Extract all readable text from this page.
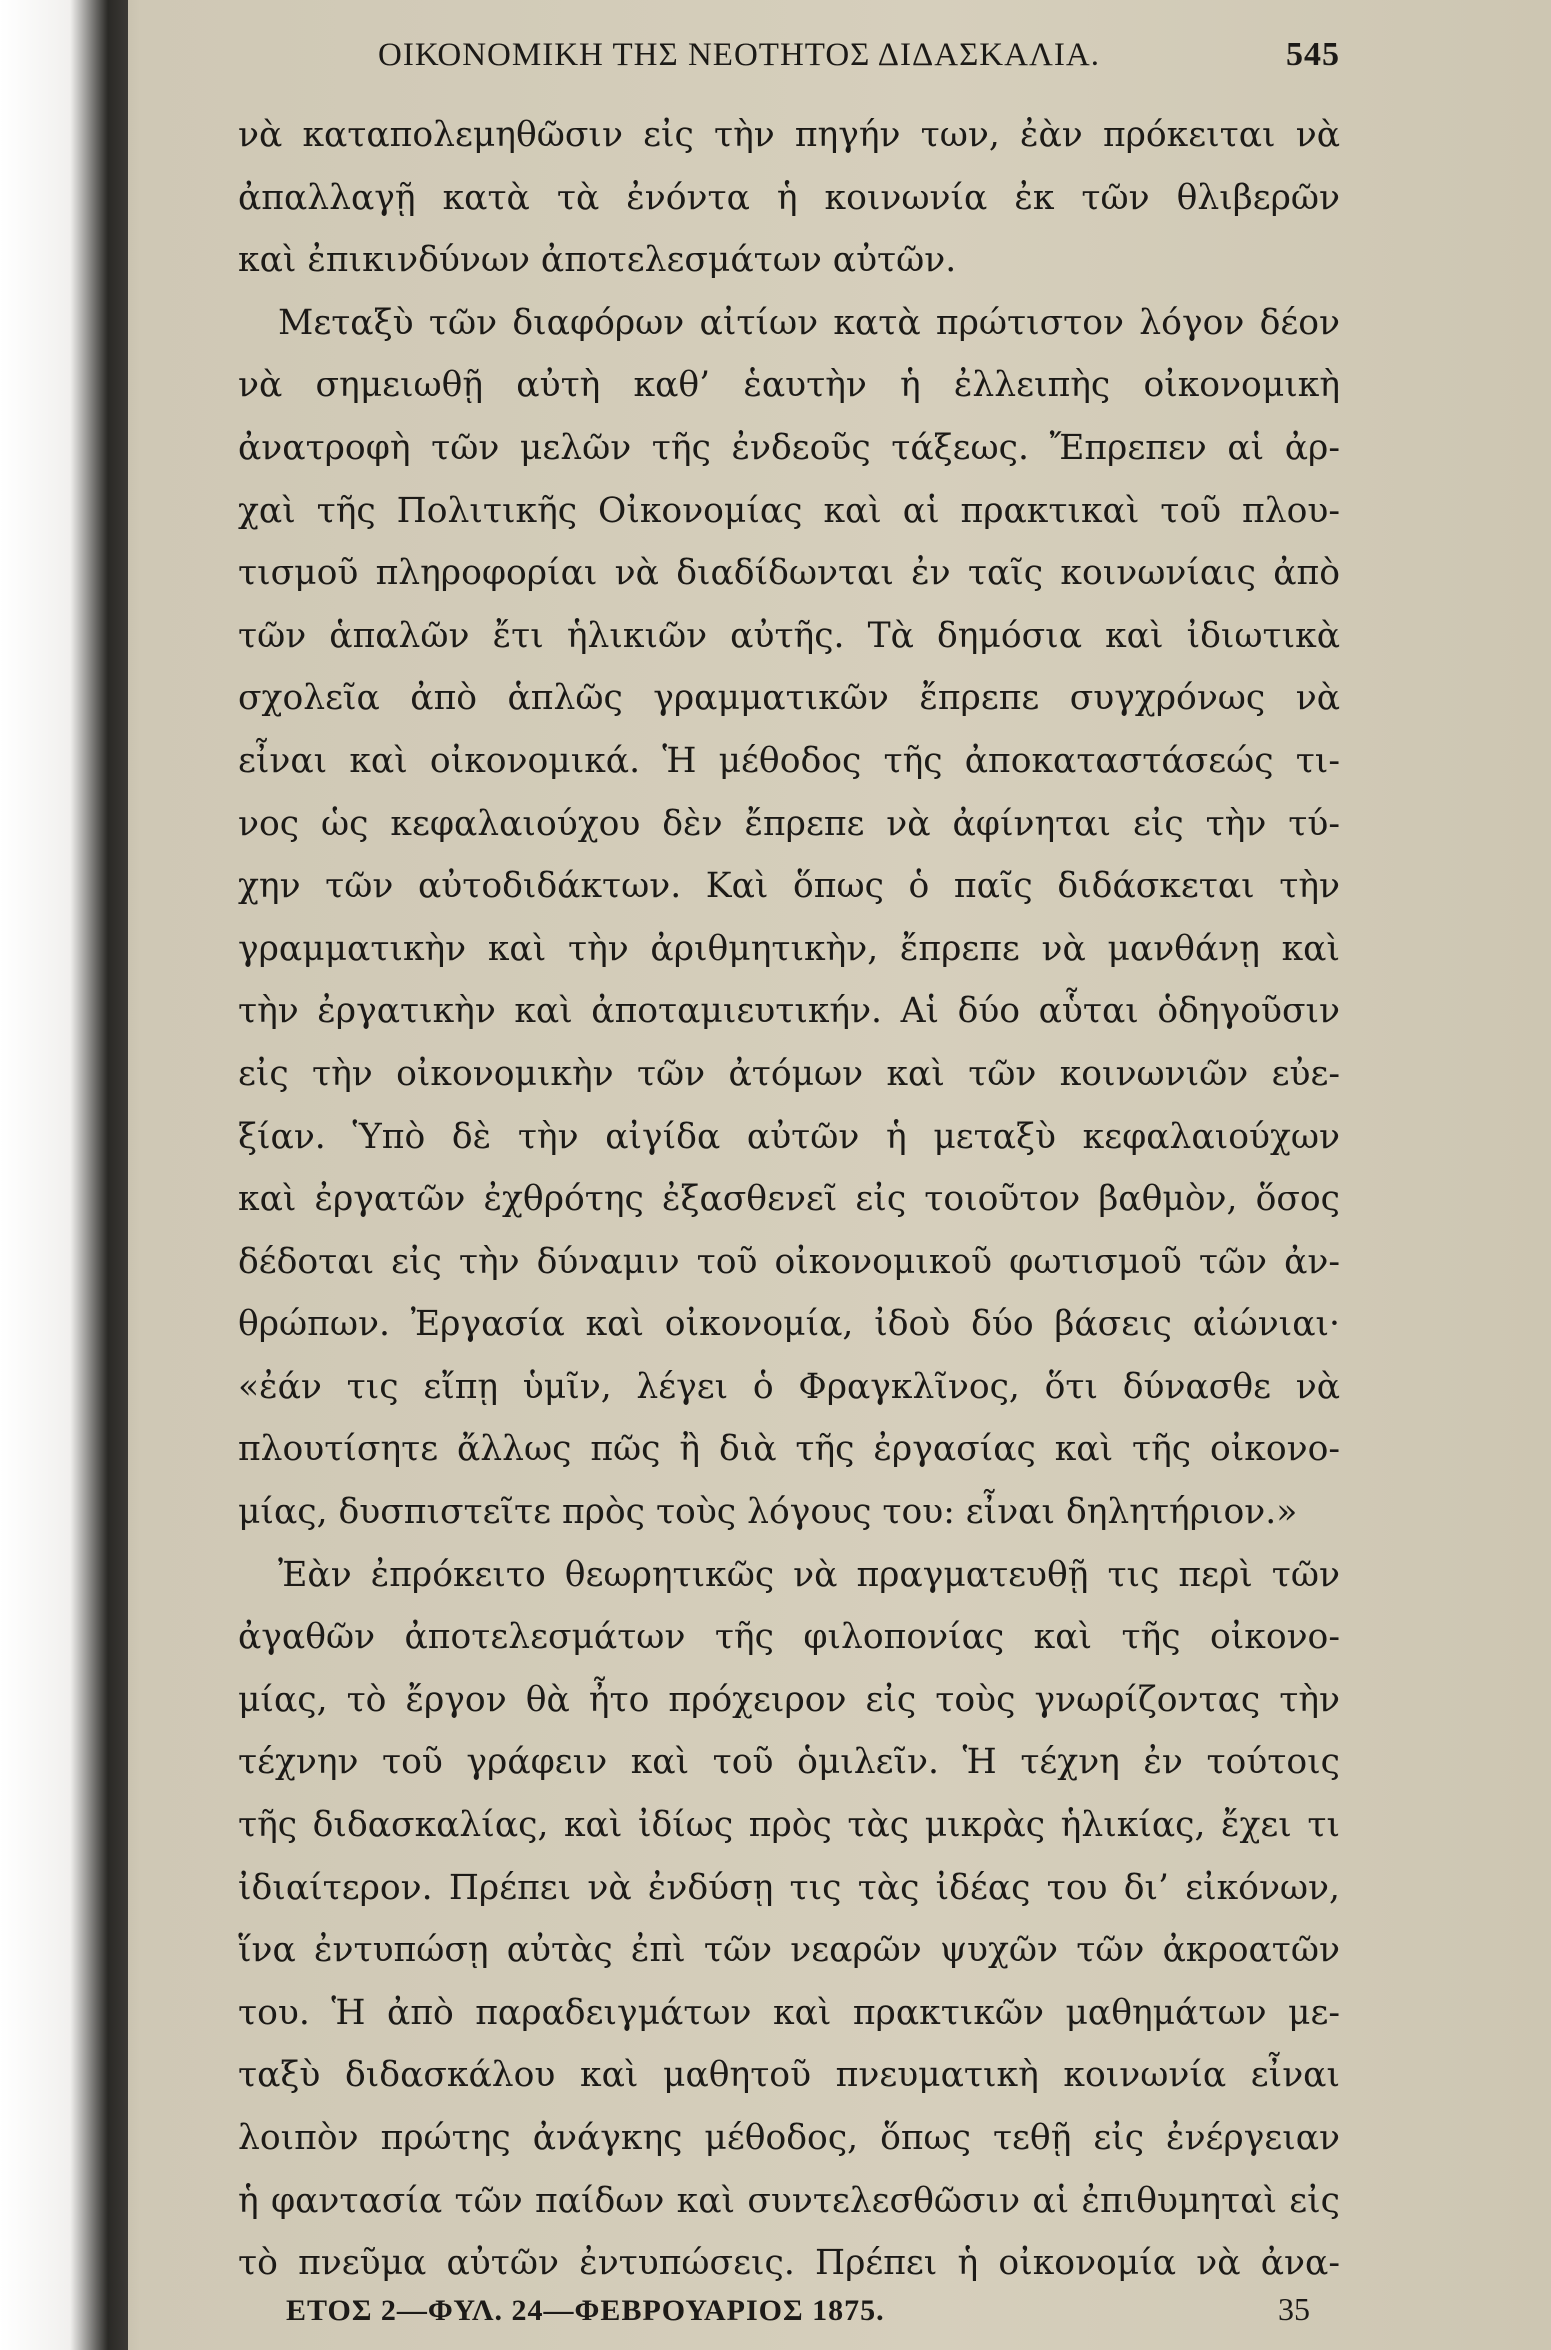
ΟΙΚΟΝΟΜΙΚΗ ΤΗΣ ΝΕΟΤΗΤΟΣ ΔΙΔΑΣΚΑΛΙΑ.	545
νὰ καταπολεμηθῶσιν εἰς τὴν πηγήν των, ἐὰν πρόκειται νὰ
ἀπαλλαγῇ κατὰ τὰ ἐνόντα ἡ κοινωνία ἐκ τῶν θλιβερῶν
καὶ ἐπικινδύνων ἀποτελεσμάτων αὐτῶν.
Μεταξὺ τῶν διαφόρων αἰτίων κατὰ πρώτιστον λόγον δέον
νὰ σημειωθῇ αὐτὴ καθ’ ἑαυτὴν ἡ ἐλλειπὴς οἰκονομικὴ
ἀνατροφὴ τῶν μελῶν τῆς ἐνδεοῦς τάξεως. Ἔπρεπεν αἱ ἀρ-
χαὶ τῆς Πολιτικῆς Οἰκονομίας καὶ αἱ πρακτικαὶ τοῦ πλου-
τισμοῦ πληροφορίαι νὰ διαδίδωνται ἐν ταῖς κοινωνίαις ἀπὸ
τῶν ἁπαλῶν ἔτι ἡλικιῶν αὐτῆς. Τὰ δημόσια καὶ ἰδιωτικὰ
σχολεῖα ἀπὸ ἁπλῶς γραμματικῶν ἔπρεπε συγχρόνως νὰ
εἶναι καὶ οἰκονομικά. Ἡ μέθοδος τῆς ἀποκαταστάσεώς τι-
νος ὡς κεφαλαιούχου δὲν ἔπρεπε νὰ ἀφίνηται εἰς τὴν τύ-
χην τῶν αὐτοδιδάκτων. Καὶ ὅπως ὁ παῖς διδάσκεται τὴν
γραμματικὴν καὶ τὴν ἀριθμητικὴν, ἔπρεπε νὰ μανθάνῃ καὶ
τὴν ἐργατικὴν καὶ ἀποταμιευτικήν. Αἱ δύο αὗται ὁδηγοῦσιν
εἰς τὴν οἰκονομικὴν τῶν ἀτόμων καὶ τῶν κοινωνιῶν εὐε-
ξίαν. Ὑπὸ δὲ τὴν αἰγίδα αὐτῶν ἡ μεταξὺ κεφαλαιούχων
καὶ ἐργατῶν ἐχθρότης ἐξασθενεῖ εἰς τοιοῦτον βαθμὸν, ὅσος
δέδοται εἰς τὴν δύναμιν τοῦ οἰκονομικοῦ φωτισμοῦ τῶν ἀν-
θρώπων. Ἐργασία καὶ οἰκονομία, ἰδοὺ δύο βάσεις αἰώνιαι·
«ἐάν τις εἴπῃ ὑμῖν, λέγει ὁ Φραγκλῖνος, ὅτι δύνασθε νὰ
πλουτίσητε ἄλλως πῶς ἢ διὰ τῆς ἐργασίας καὶ τῆς οἰκονο-
μίας, δυσπιστεῖτε πρὸς τοὺς λόγους του: εἶναι δηλητήριον.»
Ἐὰν ἐπρόκειτο θεωρητικῶς νὰ πραγματευθῇ τις περὶ τῶν
ἀγαθῶν ἀποτελεσμάτων τῆς φιλοπονίας καὶ τῆς οἰκονο-
μίας, τὸ ἔργον θὰ ἦτο πρόχειρον εἰς τοὺς γνωρίζοντας τὴν
τέχνην τοῦ γράφειν καὶ τοῦ ὁμιλεῖν. Ἡ τέχνη ἐν τούτοις
τῆς διδασκαλίας, καὶ ἰδίως πρὸς τὰς μικρὰς ἡλικίας, ἔχει τι
ἰδιαίτερον. Πρέπει νὰ ἐνδύσῃ τις τὰς ἰδέας του δι’ εἰκόνων,
ἵνα ἐντυπώσῃ αὐτὰς ἐπὶ τῶν νεαρῶν ψυχῶν τῶν ἀκροατῶν
του. Ἡ ἀπὸ παραδειγμάτων καὶ πρακτικῶν μαθημάτων με-
ταξὺ διδασκάλου καὶ μαθητοῦ πνευματικὴ κοινωνία εἶναι
λοιπὸν πρώτης ἀνάγκης μέθοδος, ὅπως τεθῇ εἰς ἐνέργειαν
ἡ φαντασία τῶν παίδων καὶ συντελεσθῶσιν αἱ ἐπιθυμηταὶ εἰς
τὸ πνεῦμα αὐτῶν ἐντυπώσεις. Πρέπει ἡ οἰκονομία νὰ ἀνα-
ΕΤΟΣ 2—ΦΥΛ. 24—ΦΕΒΡΟΥΑΡΙΟΣ 1875.	35
